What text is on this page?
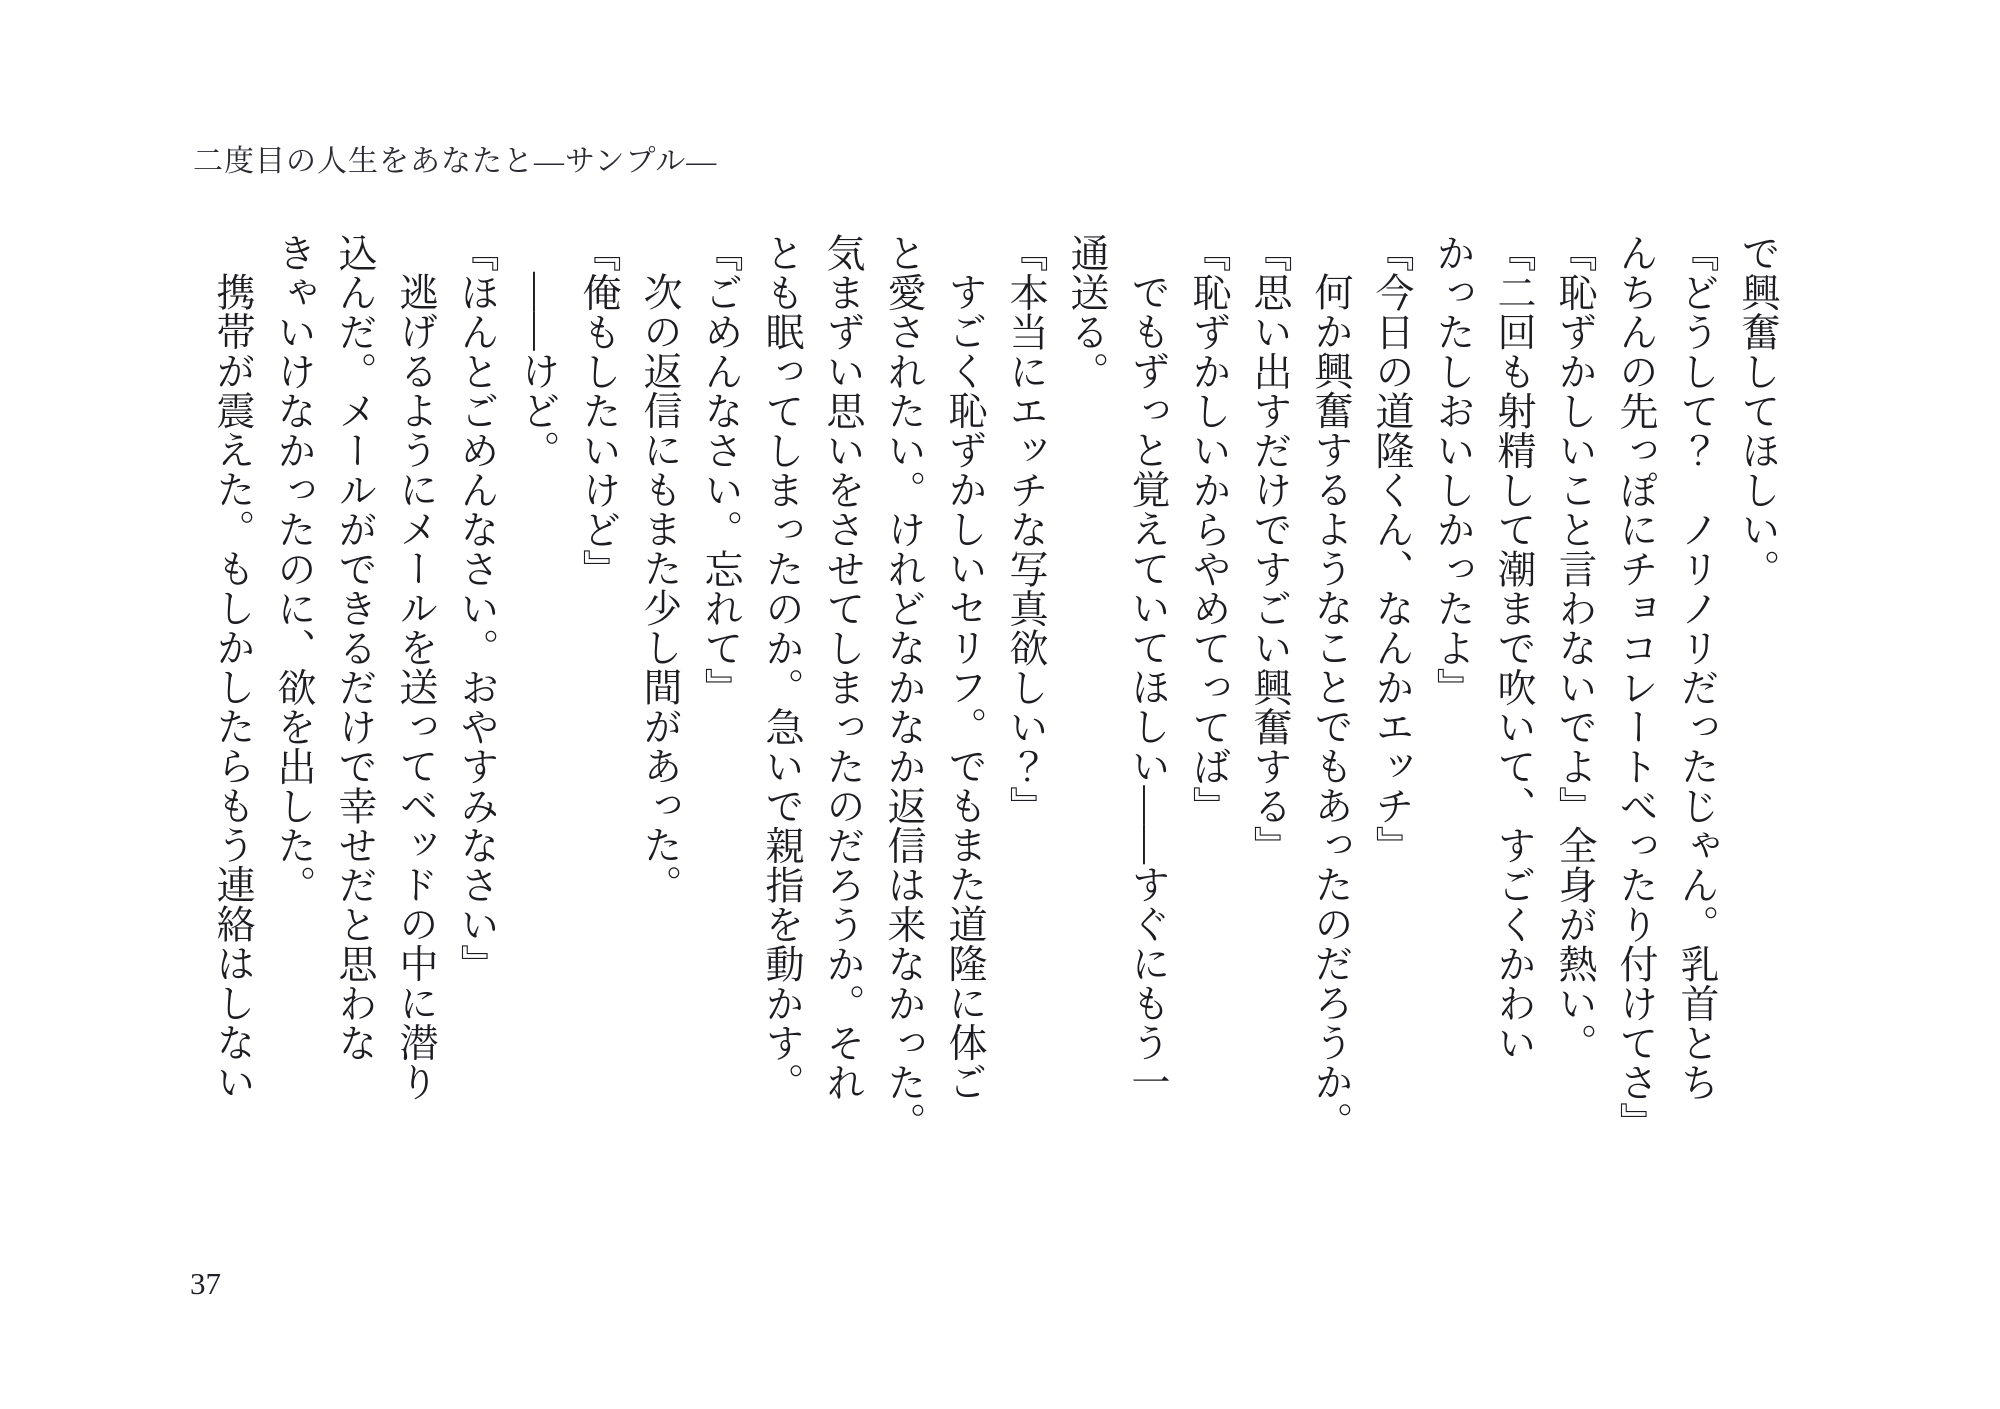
二度目の人生をあなたと―サンプル―
で興奮してほしい。
『どうして？　ノリノリだったじゃん。乳首とち
んちんの先っぽにチョコレートべったり付けてさ』
『恥ずかしいこと言わないでよ』全身が熱い。
『二回も射精して潮まで吹いて、すごくかわい
かったしおいしかったよ』
『今日の道隆くん、なんかエッチ』
何か興奮するようなことでもあったのだろうか。
『思い出すだけですごい興奮する』
『恥ずかしいからやめてってば』
でもずっと覚えていてほしい――すぐにもう一
通送る。
『本当にエッチな写真欲しい？』
すごく恥ずかしいセリフ。でもまた道隆に体ご
と愛されたい。けれどなかなか返信は来なかった。
気まずい思いをさせてしまったのだろうか。それ
とも眠ってしまったのか。急いで親指を動かす。
『ごめんなさい。忘れて』
次の返信にもまた少し間があった。
『俺もしたいけど』
――けど。
『ほんとごめんなさい。おやすみなさい』
逃げるようにメールを送ってベッドの中に潜り
込んだ。メールができるだけで幸せだと思わな
きゃいけなかったのに、欲を出した。
携帯が震えた。もしかしたらもう連絡はしない
37
